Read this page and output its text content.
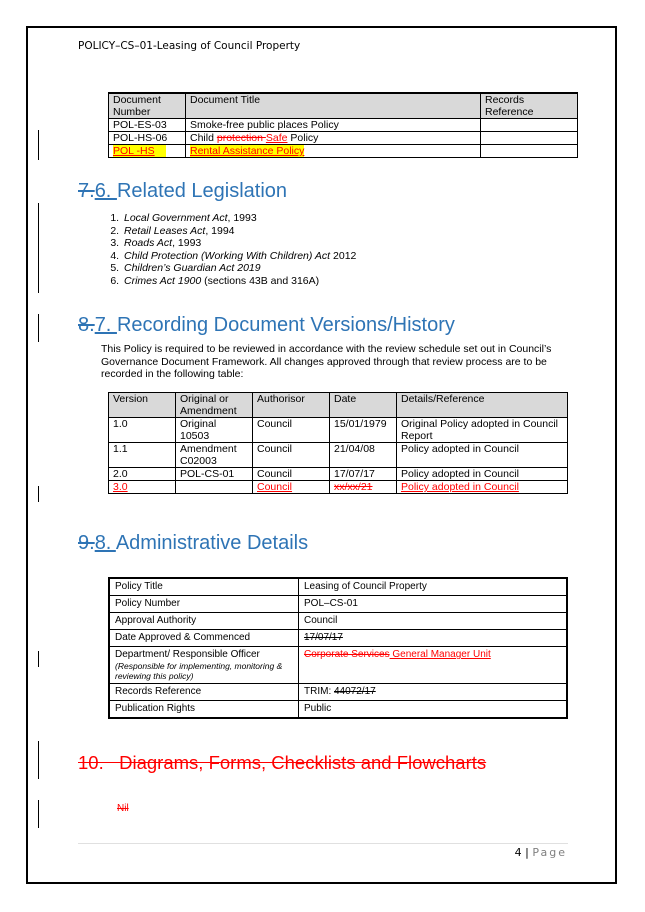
POLICY–CS–01-Leasing of Council Property
Document Number	Document Title	Records Reference
POL-ES-03	Smoke-free public places Policy	
POL-HS-06	Child protection Safe Policy	
POL -HS	Rental Assistance Policy	
7.6. Related Legislation
1. Local Government Act, 1993
2. Retail Leases Act, 1994
3. Roads Act, 1993
4. Child Protection (Working With Children) Act 2012
5. Children’s Guardian Act 2019
6. Crimes Act 1900 (sections 43B and 316A)
8.7. Recording Document Versions/History
This Policy is required to be reviewed in accordance with the review schedule set out in Council’s Governance Document Framework. All changes approved through that review process are to be recorded in the following table:
Version	Original or Amendment	Authorisor	Date	Details/Reference
1.0	Original 10503	Council	15/01/1979	Original Policy adopted in Council Report
1.1	Amendment C02003	Council	21/04/08	Policy adopted in Council
2.0	POL-CS-01	Council	17/07/17	Policy adopted in Council
3.0		Council	xx/xx/21	Policy adopted in Council
9.8. Administrative Details
Policy Title	Leasing of Council Property
Policy Number	POL–CS-01
Approval Authority	Council
Date Approved & Commenced	17/07/17

Department/ Responsible Officer
(Responsible for implementing, monitoring & reviewing this policy)	Corporate Services General Manager Unit
Records Reference	TRIM: 44072/17
Publication Rights	Public
10.   Diagrams, Forms, Checklists and Flowcharts
Nil
4 | Page
